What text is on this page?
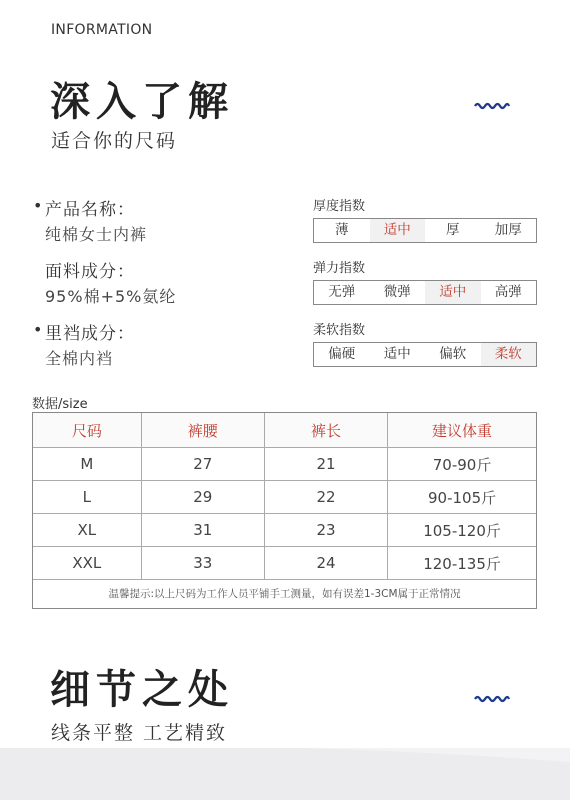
INFORMATION
深入了解
适合你的尺码
• 产品名称：
纯棉女士内裤
面料成分：
95%棉+5%氨纶
• 里裆成分：
全棉内裆
厚度指数
薄	适中	厚	加厚
弹力指数
无弹	微弹	适中	高弹
柔软指数
偏硬	适中	偏软	柔软
数据/size
尺码	裤腰	裤长	建议体重
M	27	21	70-90斤
L	29	22	90-105斤
XL	31	23	105-120斤
XXL	33	24	120-135斤
温馨提示:以上尺码为工作人员平铺手工测量，如有误差1-3CM属于正常情况
细节之处
线条平整 工艺精致
